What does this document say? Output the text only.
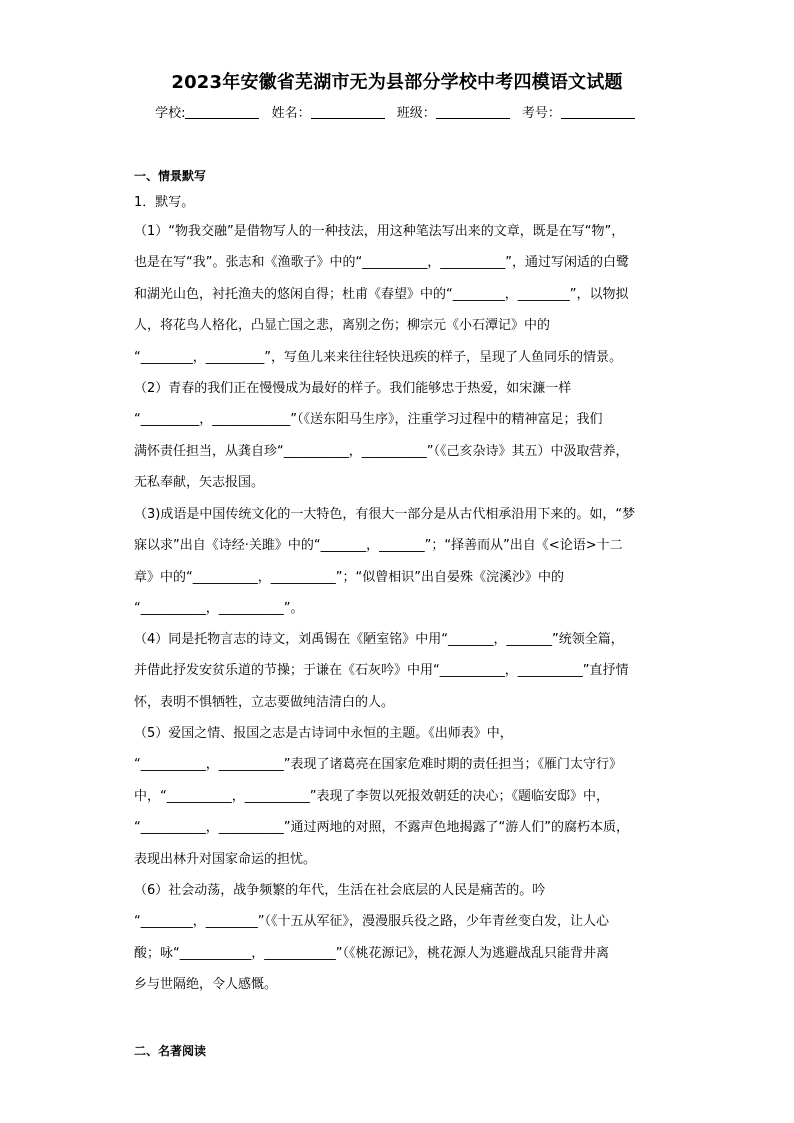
2023年安徽省芜湖市无为县部分学校中考四模语文试题
学校:	姓名：	班级：	考号：
一、情景默写
1．默写。
（1）“物我交融”是借物写人的一种技法，用这种笔法写出来的文章，既是在写“物”，
也是在写“我”。张志和《渔歌子》中的“__________，__________”，通过写闲适的白鹭
和湖光山色，衬托渔夫的悠闲自得；杜甫《春望》中的“________，________”，以物拟
人，将花鸟人格化，凸显亡国之悲，离别之伤；柳宗元《小石潭记》中的
“________，_________”，写鱼儿来来往往轻快迅疾的样子，呈现了人鱼同乐的情景。
（2）青春的我们正在慢慢成为最好的样子。我们能够忠于热爱，如宋濂一样
“_________，____________”（《送东阳马生序》，注重学习过程中的精神富足；我们
满怀责任担当，从龚自珍“__________，__________”（《己亥杂诗》其五）中汲取营养，
无私奉献，矢志报国。
（3)成语是中国传统文化的一大特色，有很大一部分是从古代相承沿用下来的。如，“梦
寐以求”出自《诗经·关雎》中的“_______，_______”；“择善而从”出自《<论语>十二
章》中的“__________，__________”；“似曾相识”出自晏殊《浣溪沙》中的
“__________，__________”。
（4）同是托物言志的诗文，刘禹锡在《陋室铭》中用“_______，_______”统领全篇，
并借此抒发安贫乐道的节操；于谦在《石灰吟》中用“__________，__________”直抒情
怀，表明不惧牺牲，立志要做纯洁清白的人。
（5）爱国之情、报国之志是古诗词中永恒的主题。《出师表》中，
“__________，__________”表现了诸葛亮在国家危难时期的责任担当；《雁门太守行》
中，“__________，__________”表现了李贺以死报效朝廷的决心；《题临安邸》中，
“__________，__________”通过两地的对照，不露声色地揭露了“游人们”的腐朽本质，
表现出林升对国家命运的担忧。
（6）社会动荡，战争频繁的年代，生活在社会底层的人民是痛苦的。吟
“________，________”（《十五从军征》，漫漫服兵役之路，少年青丝变白发，让人心
酸；咏“___________，___________”（《桃花源记》，桃花源人为逃避战乱只能背井离
乡与世隔绝，令人感慨。
二、名著阅读
